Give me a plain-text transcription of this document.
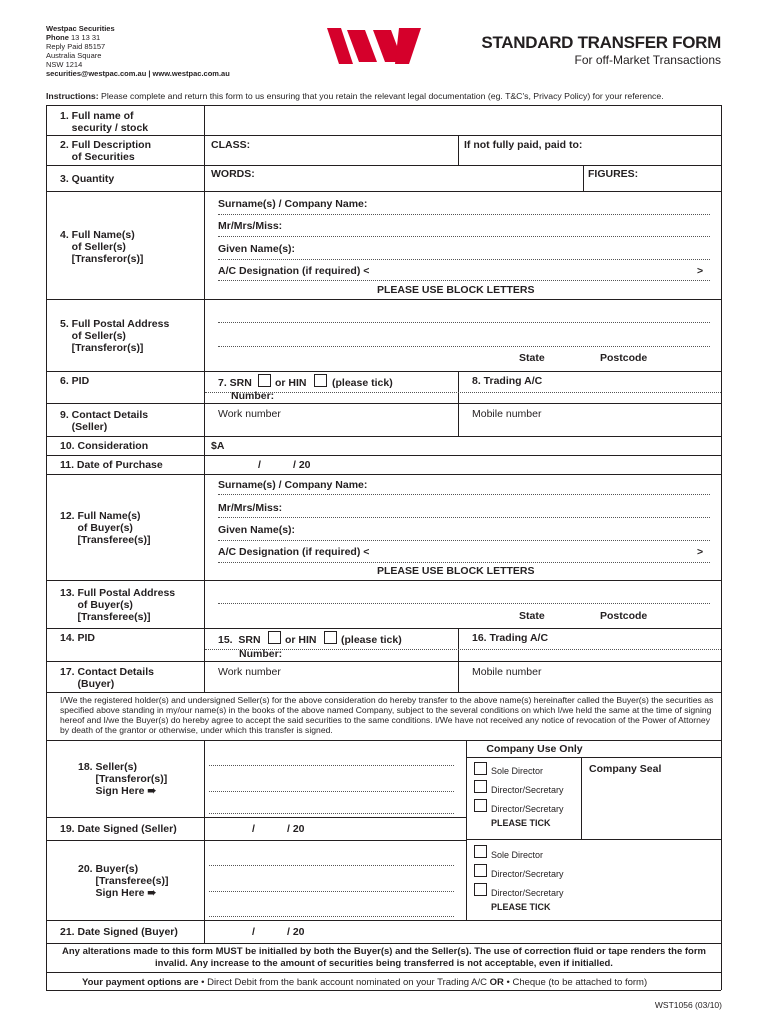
Westpac Securities
Phone 13 13 31
Reply Paid 85157
Australia Square
NSW 1214
securities@westpac.com.au | www.westpac.com.au
STANDARD TRANSFER FORM
For off-Market Transactions
Instructions: Please complete and return this form to us ensuring that you retain the relevant legal documentation (eg. T&C's, Privacy Policy) for your reference.
1. Full name of
security / stock
2. Full Description
of Securities
CLASS:	If not fully paid, paid to:
3. Quantity	WORDS:	FIGURES:
4. Full Name(s)
of Seller(s)
[Transferor(s)]
Surname(s) / Company Name:
Mr/Mrs/Miss:
Given Name(s):
A/C Designation (if required) <	>
PLEASE USE BLOCK LETTERS
5. Full Postal Address
of Seller(s)
[Transferor(s)]
State	Postcode
6. PID	7. SRN or HIN (please tick)
Number:
8. Trading A/C
9. Contact Details
(Seller)
Work number	Mobile number
10. Consideration	$A
11. Date of Purchase	/           / 20
12. Full Name(s)
of Buyer(s)
[Transferee(s)]
Surname(s) / Company Name:
Mr/Mrs/Miss:
Given Name(s):
A/C Designation (if required) <	>
PLEASE USE BLOCK LETTERS
13. Full Postal Address
of Buyer(s)
[Transferee(s)]	State	Postcode
14. PID	15.  SRN or HIN (please tick)
Number:
16. Trading A/C
17. Contact Details
(Buyer)
Work number	Mobile number
I/We the registered holder(s) and undersigned Seller(s) for the above consideration do hereby transfer to the above name(s) hereinafter called the Buyer(s) the securities as specified above standing in my/our name(s) in the books of the above named Company, subject to the several conditions on which I/we held the same at the time of signing hereof and I/we the Buyer(s) do hereby agree to accept the said securities to the same conditions. I/We have not received any notice of revocation of the Power of Attorney by death of the grantor or otherwise, under which this transfer is signed.
18. Seller(s)
[Transferor(s)]
Sign Here ➠
Company Use Only
Company Seal
Sole Director
Director/Secretary
Director/Secretary
PLEASE TICK
19. Date Signed (Seller)	/           / 20
20. Buyer(s)
[Transferee(s)]
Sign Here ➠
Sole Director
Director/Secretary
Director/Secretary
PLEASE TICK
21. Date Signed (Buyer)	/           / 20
Any alterations made to this form MUST be initialled by both the Buyer(s) and the Seller(s). The use of correction fluid or tape renders the form invalid. Any increase to the amount of securities being transferred is not acceptable, even if initialled.
Your payment options are • Direct Debit from the bank account nominated on your Trading A/C OR • Cheque (to be attached to form)
WST1056 (03/10)
